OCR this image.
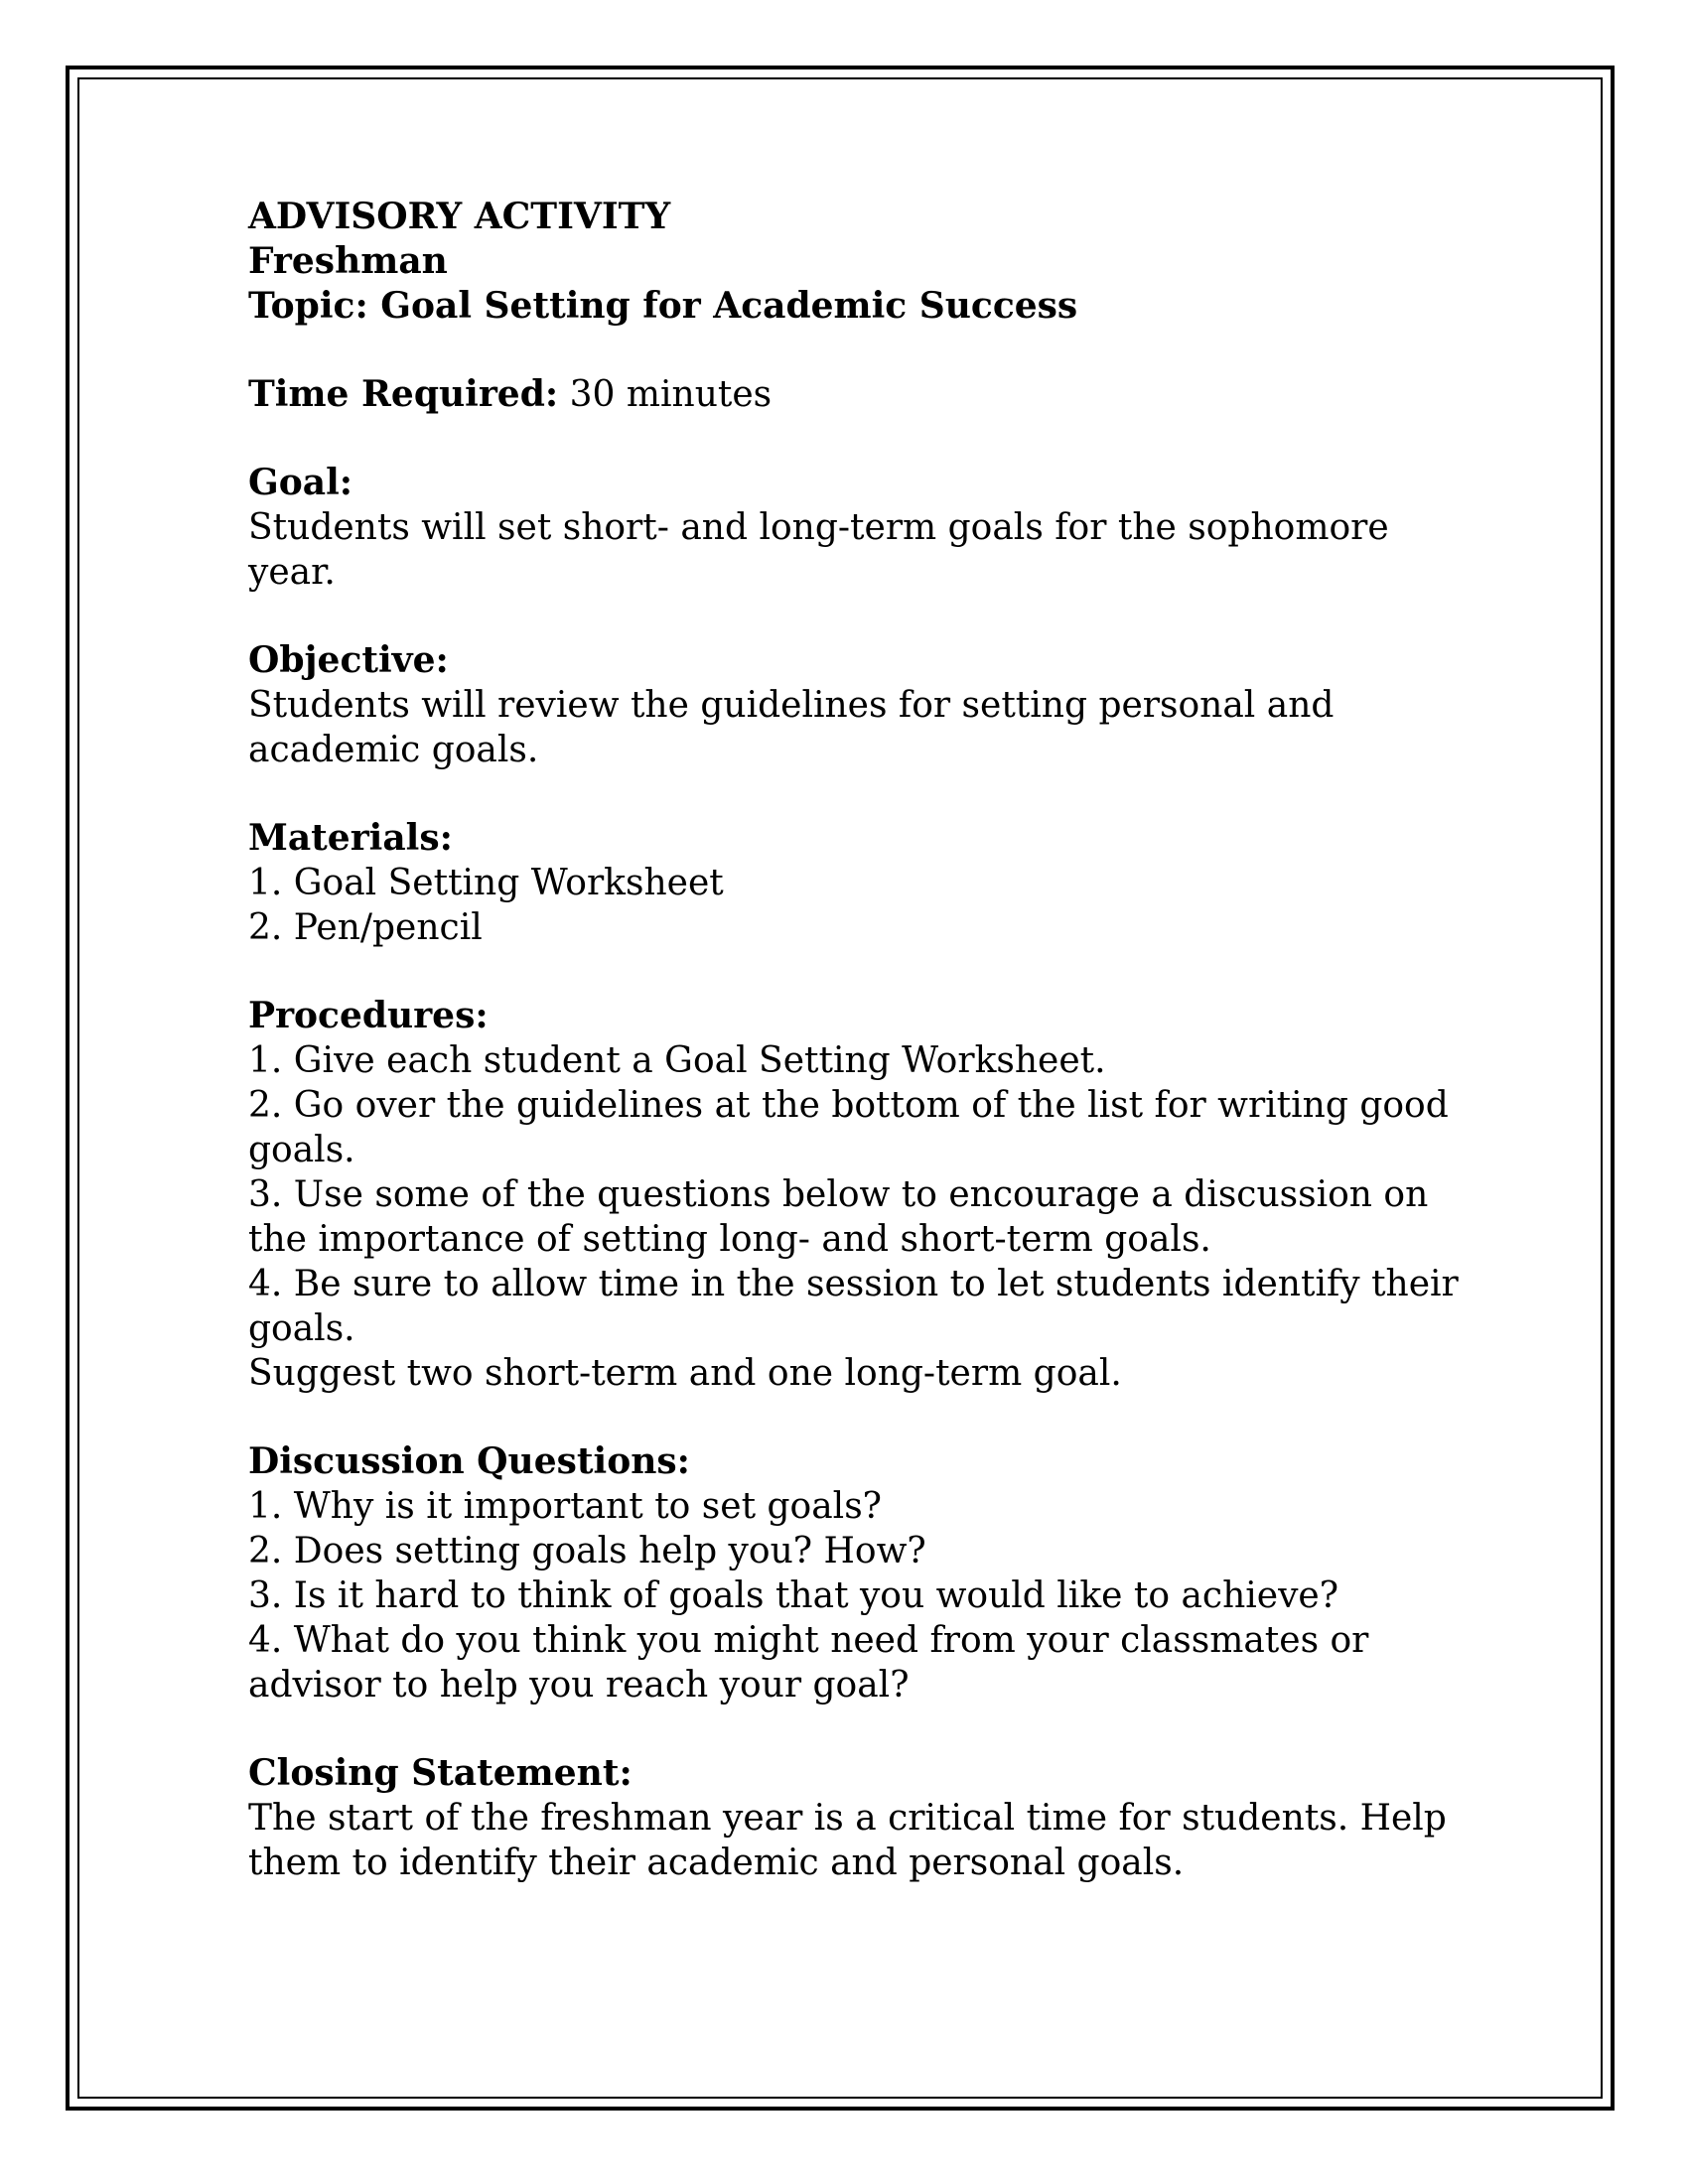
ADVISORY ACTIVITY
Freshman
Topic: Goal Setting for Academic Success
Time Required: 30 minutes
Goal:
Students will set short- and long-term goals for the sophomore year.
Objective:
Students will review the guidelines for setting personal and academic goals.
Materials:
1. Goal Setting Worksheet
2. Pen/pencil
Procedures:
1. Give each student a Goal Setting Worksheet.
2. Go over the guidelines at the bottom of the list for writing good goals.
3. Use some of the questions below to encourage a discussion on the importance of setting long- and short-term goals.
4. Be sure to allow time in the session to let students identify their goals.
Suggest two short-term and one long-term goal.
Discussion Questions:
1. Why is it important to set goals?
2. Does setting goals help you? How?
3. Is it hard to think of goals that you would like to achieve?
4. What do you think you might need from your classmates or advisor to help you reach your goal?
Closing Statement:
The start of the freshman year is a critical time for students. Help them to identify their academic and personal goals.
